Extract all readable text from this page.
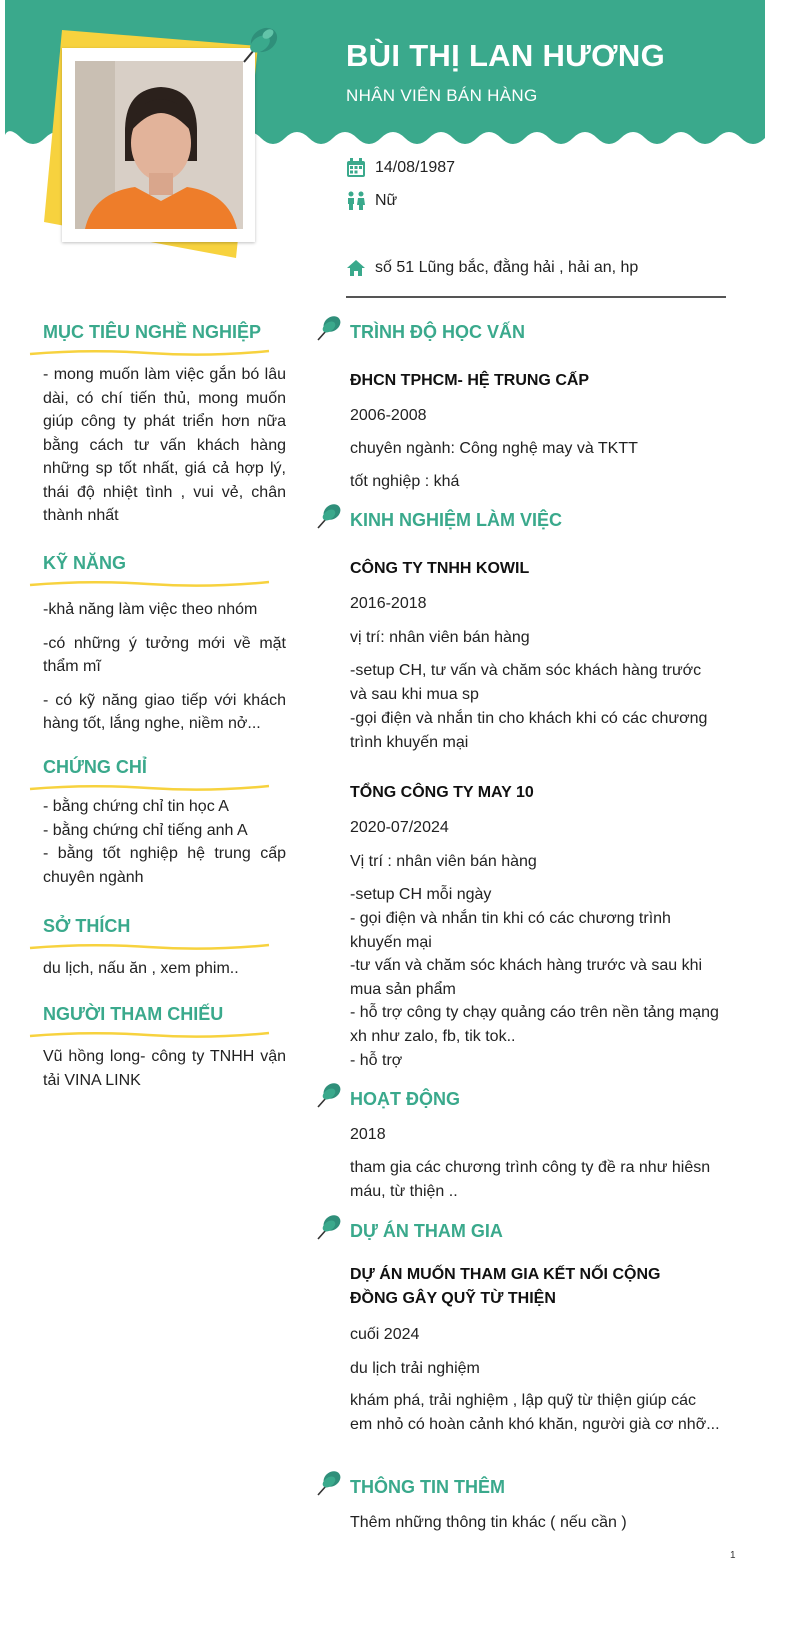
BÙI THỊ LAN HƯƠNG
NHÂN VIÊN BÁN HÀNG
14/08/1987
Nữ
số 51 Lũng bắc, đằng hải , hải an, hp
MỤC TIÊU NGHỀ NGHIỆP
- mong muốn làm việc gắn bó lâu dài, có chí tiến thủ, mong muốn giúp công ty phát triển hơn nữa bằng cách tư vấn khách hàng những sp tốt nhất, giá cả hợp lý, thái độ nhiệt tình , vui vẻ, chân thành nhất
KỸ NĂNG
-khả năng làm việc theo nhóm
-có những ý tưởng mới về mặt thẩm mĩ
- có kỹ năng giao tiếp với khách hàng tốt, lắng nghe, niềm nở...
CHỨNG CHỈ
- bằng chứng chỉ tin học A
- bằng chứng chỉ tiếng anh A
- bằng tốt nghiệp hệ trung cấp chuyên ngành
SỞ THÍCH
du lịch, nấu ăn , xem phim..
NGƯỜI THAM CHIẾU
Vũ hồng long- công ty TNHH vận tải VINA LINK
TRÌNH ĐỘ HỌC VẤN
ĐHCN TPHCM- HỆ TRUNG CẤP
2006-2008
chuyên ngành: Công nghệ may và TKTT
tốt nghiệp : khá
KINH NGHIỆM LÀM VIỆC
CÔNG TY TNHH KOWIL
2016-2018
vị trí: nhân viên bán hàng
-setup CH, tư vấn và chăm sóc khách hàng trước và sau khi mua sp
-gọi điện và nhắn tin cho khách khi có các chương trình khuyến mại
TỔNG CÔNG TY MAY 10
2020-07/2024
Vị trí : nhân viên bán hàng
-setup CH mỗi ngày
- gọi điện và nhắn tin khi có các chương trình khuyến mại
-tư vấn và chăm sóc khách hàng trước và sau khi mua sản phẩm
- hỗ trợ công ty chạy quảng cáo trên nền tảng mạng xh như zalo, fb, tik tok..
- hỗ trợ
HOẠT ĐỘNG
2018
tham gia các chương trình công ty đề ra như hiêsn máu, từ thiện ..
DỰ ÁN THAM GIA
DỰ ÁN MUỐN THAM GIA KẾT NỐI CỘNG ĐỒNG GÂY QUỸ TỪ THIỆN
cuối 2024
du lịch trải nghiệm
khám phá, trải nghiệm , lập quỹ từ thiện giúp các em nhỏ có hoàn cảnh khó khăn, người già cơ nhỡ...
THÔNG TIN THÊM
Thêm những thông tin khác ( nếu cần )
1
